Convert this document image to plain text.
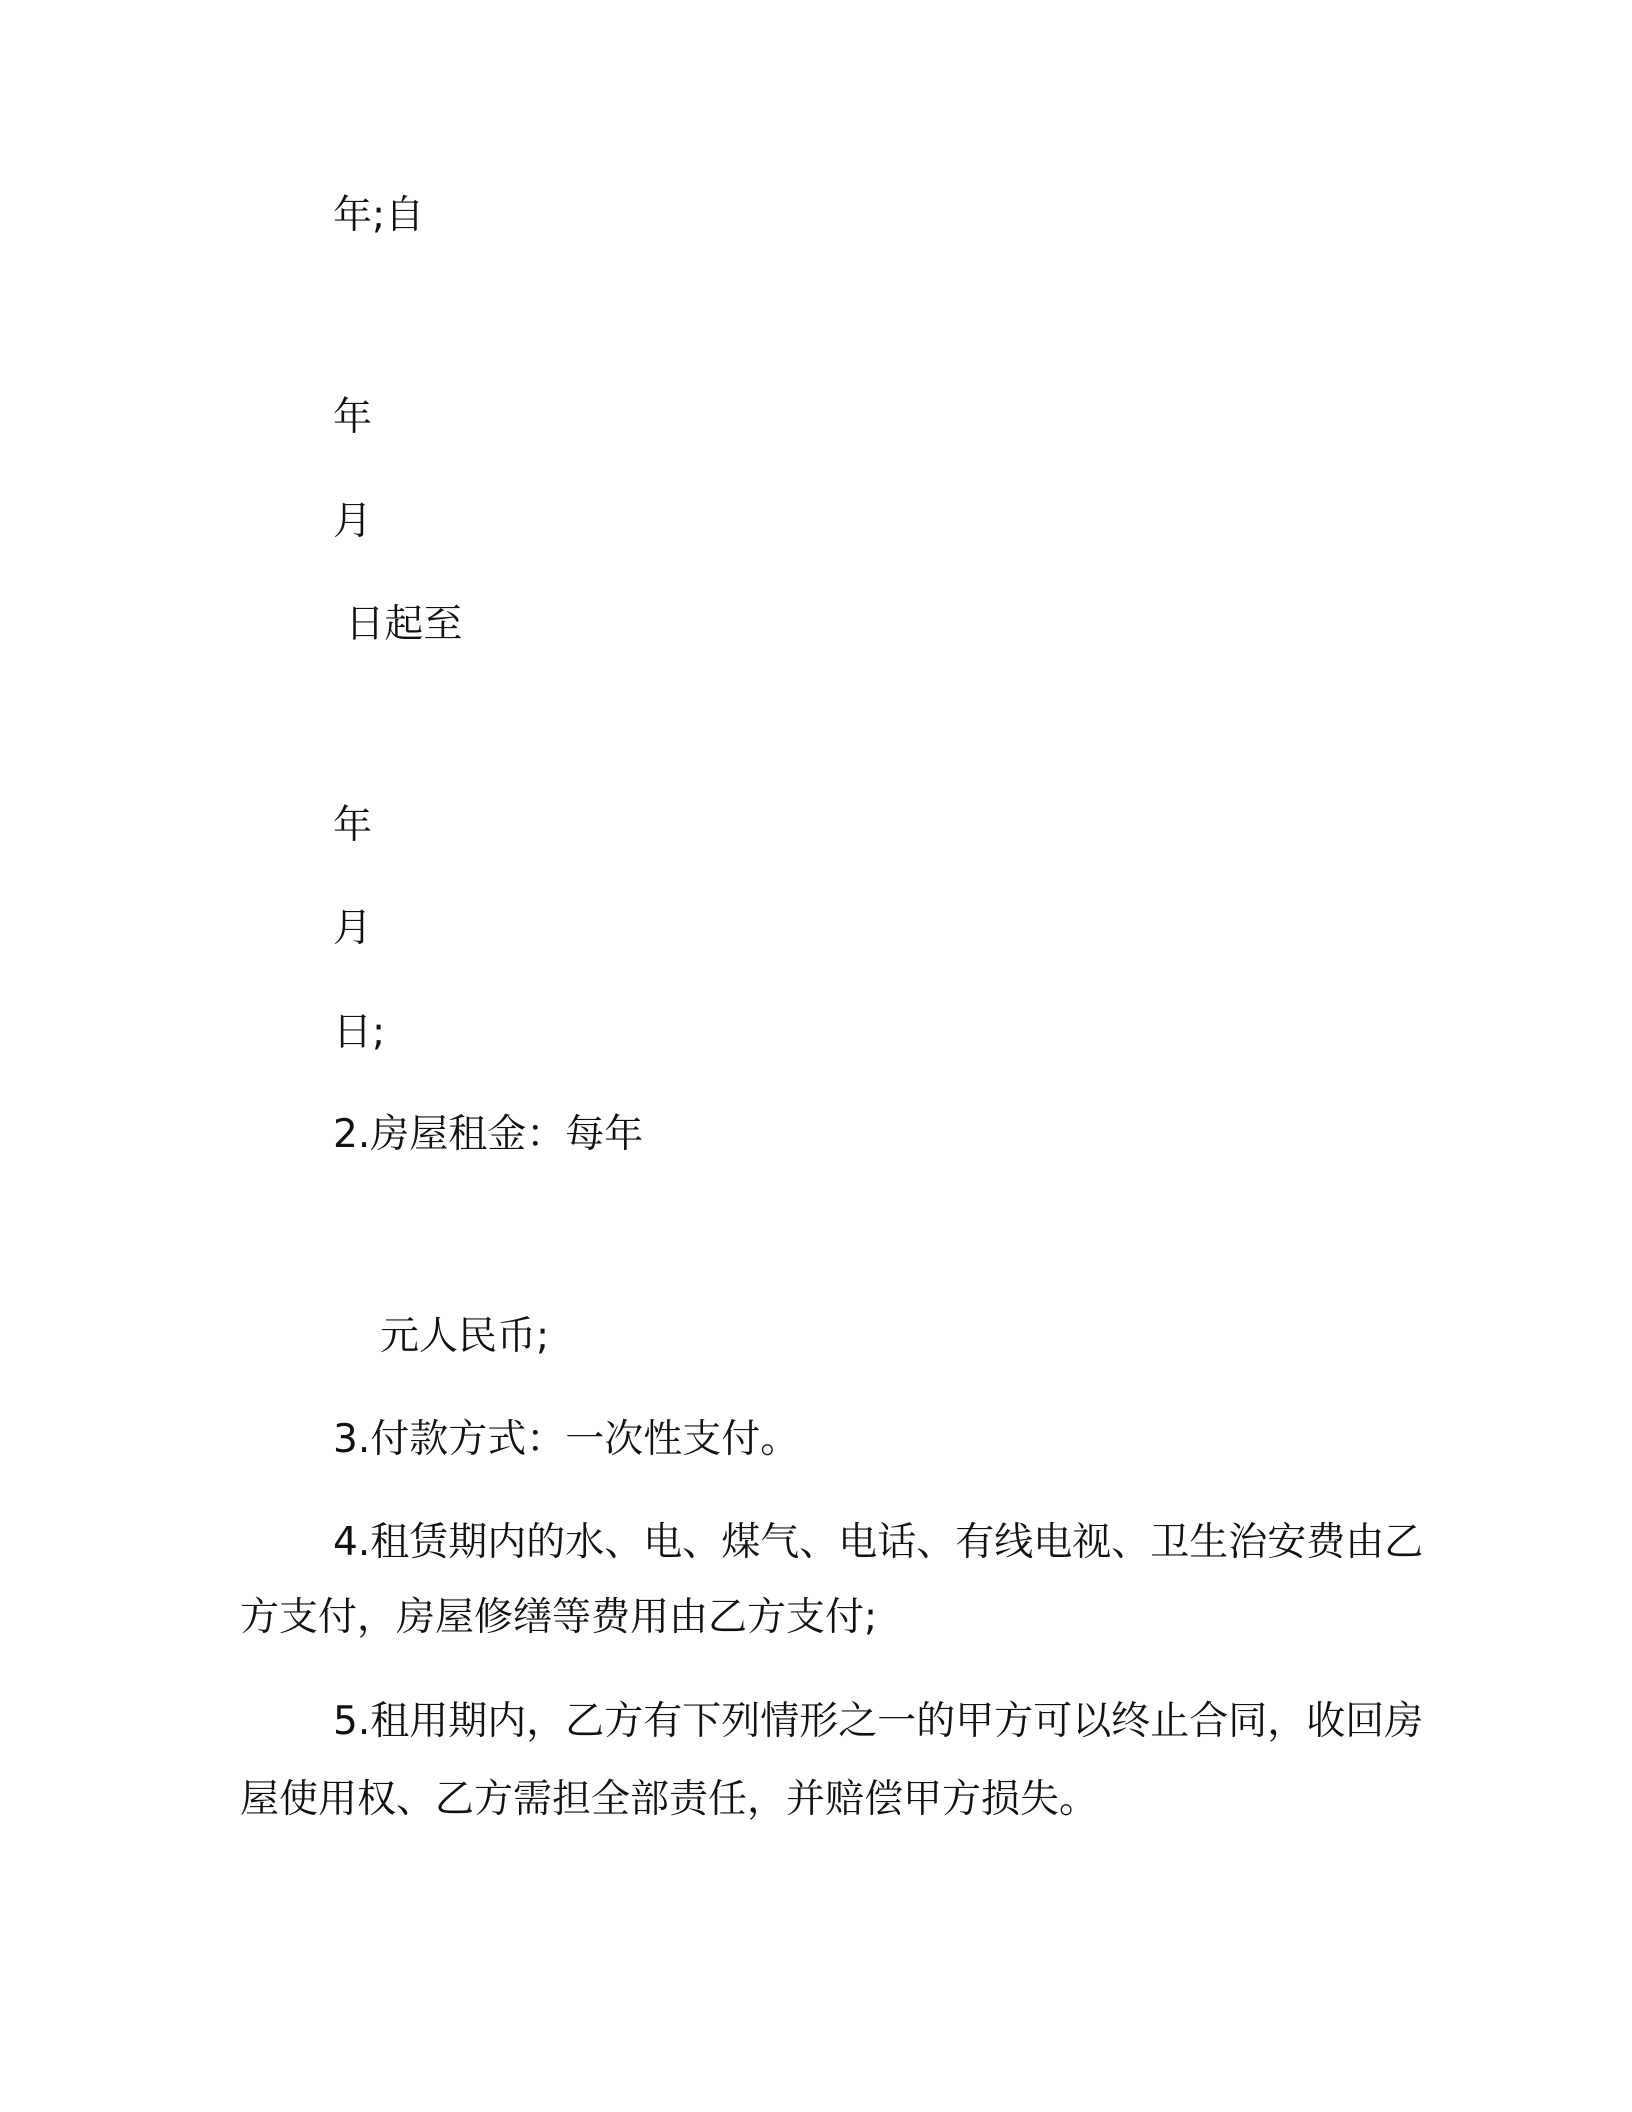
年;自
年
月
日起至
年
月
日;
2.房屋租金：每年
元人民币;
3.付款方式：一次性支付。
4.租赁期内的水、电、煤气、电话、有线电视、卫生治安费由乙
方支付，房屋修缮等费用由乙方支付;
5.租用期内，乙方有下列情形之一的甲方可以终止合同，收回房
屋使用权、乙方需担全部责任，并赔偿甲方损失。
